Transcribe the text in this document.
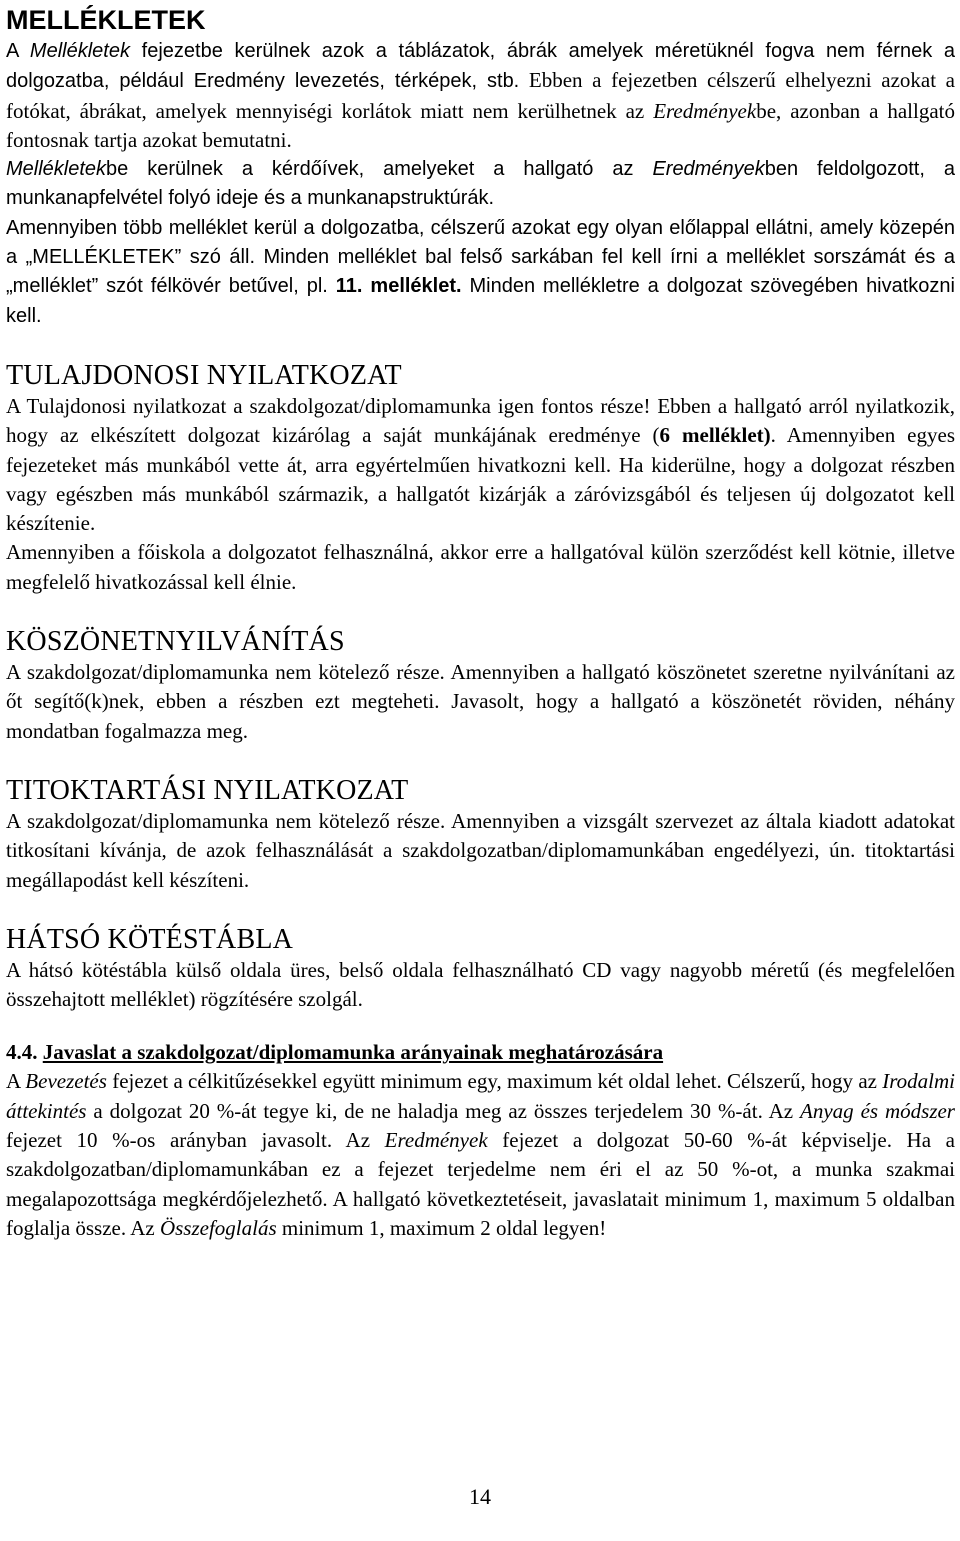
MELLÉKLETEK

A Mellékletek fejezetbe kerülnek azok a táblázatok, ábrák amelyek méretüknél fogva nem férnek a dolgozatba, például Eredmény levezetés, térképek, stb. Ebben a fejezetben célszerű elhelyezni azokat a fotókat, ábrákat, amelyek mennyiségi korlátok miatt nem kerülhetnek az Eredményekbe, azonban a hallgató fontosnak tartja azokat bemutatni.

Mellékletekbe kerülnek a kérdőívek, amelyeket a hallgató az Eredményekben feldolgozott, a munkanapfelvétel folyó ideje és a munkanapstruktúrák.

Amennyiben több melléklet kerül a dolgozatba, célszerű azokat egy olyan előlappal ellátni, amely közepén a „MELLÉKLETEK” szó áll. Minden melléklet bal felső sarkában fel kell írni a melléklet sorszámát és a „melléklet” szót félkövér betűvel, pl. 11. melléklet. Minden mellékletre a dolgozat szövegében hivatkozni kell.

TULAJDONOSI NYILATKOZAT

A Tulajdonosi nyilatkozat a szakdolgozat/diplomamunka igen fontos része! Ebben a hallgató arról nyilatkozik, hogy az elkészített dolgozat kizárólag a saját munkájának eredménye (6 melléklet). Amennyiben egyes fejezeteket más munkából vette át, arra egyértelműen hivatkozni kell. Ha kiderülne, hogy a dolgozat részben vagy egészben más munkából származik, a hallgatót kizárják a záróvizsgából és teljesen új dolgozatot kell készítenie.

Amennyiben a főiskola a dolgozatot felhasználná, akkor erre a hallgatóval külön szerződést kell kötnie, illetve megfelelő hivatkozással kell élnie.

KÖSZÖNETNYILVÁNÍTÁS

A szakdolgozat/diplomamunka nem kötelező része. Amennyiben a hallgató köszönetet szeretne nyilvánítani az őt segítő(k)nek, ebben a részben ezt megteheti. Javasolt, hogy a hallgató a köszönetét röviden, néhány mondatban fogalmazza meg.

TITOKTARTÁSI NYILATKOZAT

A szakdolgozat/diplomamunka nem kötelező része. Amennyiben a vizsgált szervezet az általa kiadott adatokat titkosítani kívánja, de azok felhasználását a szakdolgozatban/diplomamunkában engedélyezi, ún. titoktartási megállapodást kell készíteni.

HÁTSÓ KÖTÉSTÁBLA

A hátsó kötéstábla külső oldala üres, belső oldala felhasználható CD vagy nagyobb méretű (és megfelelően összehajtott melléklet) rögzítésére szolgál.

4.4. Javaslat a szakdolgozat/diplomamunka arányainak meghatározására

A Bevezetés fejezet a célkitűzésekkel együtt minimum egy, maximum két oldal lehet. Célszerű, hogy az Irodalmi áttekintés a dolgozat 20 %-át tegye ki, de ne haladja meg az összes terjedelem 30 %-át. Az Anyag és módszer fejezet 10 %-os arányban javasolt. Az Eredmények fejezet a dolgozat 50-60 %-át képviselje. Ha a szakdolgozatban/diplomamunkában ez a fejezet terjedelme nem éri el az 50 %-ot, a munka szakmai megalapozottsága megkérdőjelezhető. A hallgató következtetéseit, javaslatait minimum 1, maximum 5 oldalban foglalja össze. Az Összefoglalás minimum 1, maximum 2 oldal legyen!

14
